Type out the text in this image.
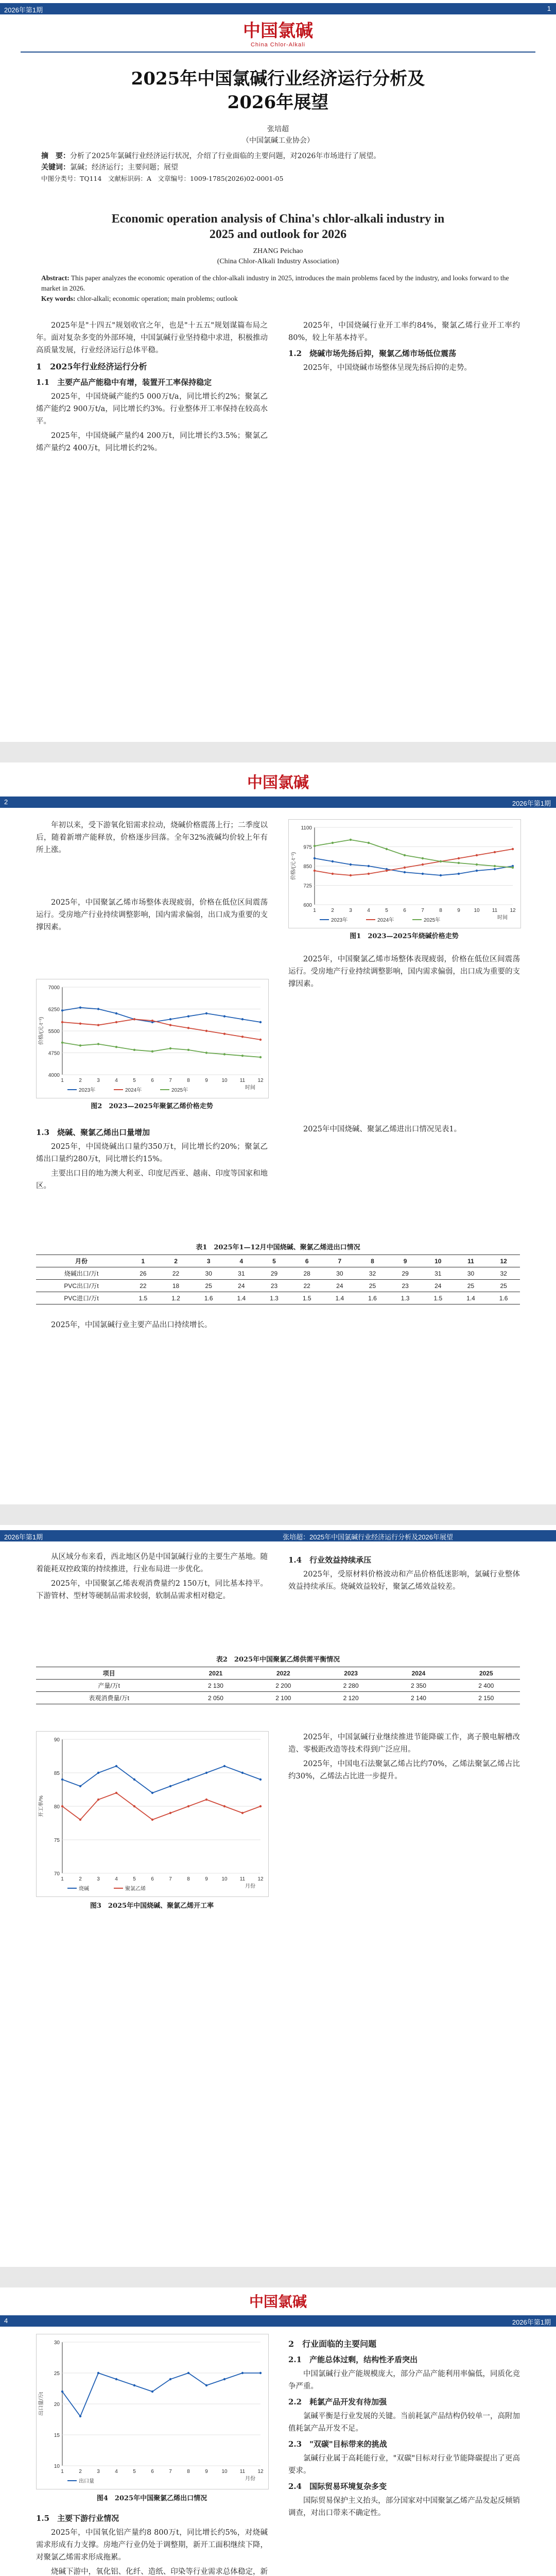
2026年第1期	1
中国氯碱
China Chlor-Alkali
2025年中国氯碱行业经济运行分析及
2026年展望
张培超
（中国氯碱工业协会）
摘　要：分析了2025年氯碱行业经济运行状况，介绍了行业面临的主要问题，对2026年市场进行了展望。
关键词：氯碱；经济运行；主要问题；展望
中图分类号：TQ114　文献标识码：A　文章编号：1009-1785(2026)02-0001-05
Economic operation analysis of China's chlor-alkali industry in
2025 and outlook for 2026
ZHANG Peichao
(China Chlor-Alkali Industry Association)
Abstract: This paper analyzes the economic operation of the chlor-alkali industry in 2025, introduces the main problems faced by the industry, and looks forward to the market in 2026.
Key words: chlor-alkali; economic operation; main problems; outlook

2025年是"十四五"规划收官之年，也是"十五五"规划谋篇布局之年。面对复杂多变的外部环境，中国氯碱行业坚持稳中求进，积极推动高质量发展，行业经济运行总体平稳。

1　2025年行业经济运行分析
1.1　主要产品产能稳中有增，装置开工率保持稳定

2025年，中国烧碱产能约5 000万t/a，同比增长约2%；聚氯乙烯产能约2 900万t/a，同比增长约3%。行业整体开工率保持在较高水平。

2025年，中国烧碱产量约4 200万t，同比增长约3.5%；聚氯乙烯产量约2 400万t，同比增长约2%。

2025年，中国烧碱行业开工率约84%，聚氯乙烯行业开工率约80%，较上年基本持平。

1.2　烧碱市场先扬后抑，聚氯乙烯市场低位震荡

2025年，中国烧碱市场整体呈现先扬后抑的走势。

中国氯碱
2	2026年第1期

年初以来，受下游氧化铝需求拉动，烧碱价格震荡上行；二季度以后，随着新增产能释放，价格逐步回落。全年32%液碱均价较上年有所上涨。

600
725
850
975
1100
1	2	3	4	5	6	7	8	9	10 11 12
2023年	2024年	2025年
价格/(元·t⁻¹)
时间
图1　2023—2025年烧碱价格走势

2025年，中国聚氯乙烯市场整体表现疲弱，价格在低位区间震荡运行。受房地产行业持续调整影响，国内需求偏弱，出口成为重要的支撑因素。

4000
4750
5500
6250
7000
1	2	3	4	5	6	7	8	9	10 11 12
2023年	2024年	2025年
价格/(元·t⁻¹)
时间
图2　2023—2025年聚氯乙烯价格走势

2025年，中国聚氯乙烯市场整体表现疲弱，价格在低位区间震荡运行。受房地产行业持续调整影响，国内需求偏弱，出口成为重要的支撑因素。

1.3　烧碱、聚氯乙烯出口量增加

2025年，中国烧碱出口量约350万t，同比增长约20%；聚氯乙烯出口量约280万t，同比增长约15%。

主要出口目的地为澳大利亚、印度尼西亚、越南、印度等国家和地区。

2025年中国烧碱、聚氯乙烯进出口情况见表1。

表1　2025年1—12月中国烧碱、聚氯乙烯进出口情况
月份	1	2	3	4	5	6	7	8	9	10	11	12
烧碱出口/万t	26	22	30	31	29	28	30	32	29	31	30	32
PVC出口/万t	22	18	25	24	23	22	24	25	23	24	25	25
PVC进口/万t	1.5	1.2	1.6	1.4	1.3	1.5	1.4	1.6	1.3	1.5	1.4	1.6

2025年，中国氯碱行业主要产品出口持续增长。

2026年第1期	张培超：2025年中国氯碱行业经济运行分析及2026年展望

从区域分布来看，西北地区仍是中国氯碱行业的主要生产基地。随着能耗双控政策的持续推进，行业布局进一步优化。

2025年，中国聚氯乙烯表观消费量约2 150万t，同比基本持平。下游管材、型材等硬制品需求较弱，软制品需求相对稳定。

表2　2025年中国聚氯乙烯供需平衡情况
项目	2021	2022	2023	2024	2025
产量/万t	2 130	2 200	2 280	2 350	2 400
表观消费量/万t	2 050	2 100	2 120	2 140	2 150
1.4　行业效益持续承压

2025年，受原材料价格波动和产品价格低迷影响，氯碱行业整体效益持续承压。烧碱效益较好，聚氯乙烯效益较差。

70
75
80
85
90
1	2	3	4	5	6	7	8	9	10 11 12
烧碱	聚氯乙烯
开工率/%
月份
图3　2025年中国烧碱、聚氯乙烯开工率

2025年，中国氯碱行业继续推进节能降碳工作，离子膜电解槽改造、零极距改造等技术得到广泛应用。

2025年，中国电石法聚氯乙烯占比约70%，乙烯法聚氯乙烯占比约30%，乙烯法占比进一步提升。

中国氯碱
4	2026年第1期
10
15
20
25
30
1	2	3	4	5	6	7	8	9	10 11 12
出口量
出口量/万t
月份
图4　2025年中国聚氯乙烯出口情况
1.5　主要下游行业情况

2025年，中国氧化铝产量约8 800万t，同比增长约5%，对烧碱需求形成有力支撑。房地产行业仍处于调整期，新开工面积继续下降，对聚氯乙烯需求形成拖累。

烧碱下游中，氧化铝、化纤、造纸、印染等行业需求总体稳定，新

2　行业面临的主要问题
2.1　产能总体过剩，结构性矛盾突出

中国氯碱行业产能规模庞大，部分产品产能利用率偏低，同质化竞争严重。

2.2　耗氯产品开发有待加强

氯碱平衡是行业发展的关键。当前耗氯产品结构仍较单一，高附加值耗氯产品开发不足。

2.3　"双碳"目标带来的挑战

氯碱行业属于高耗能行业，"双碳"目标对行业节能降碳提出了更高要求。

2.4　国际贸易环境复杂多变

国际贸易保护主义抬头，部分国家对中国聚氯乙烯产品发起反倾销调查，对出口带来不确定性。
